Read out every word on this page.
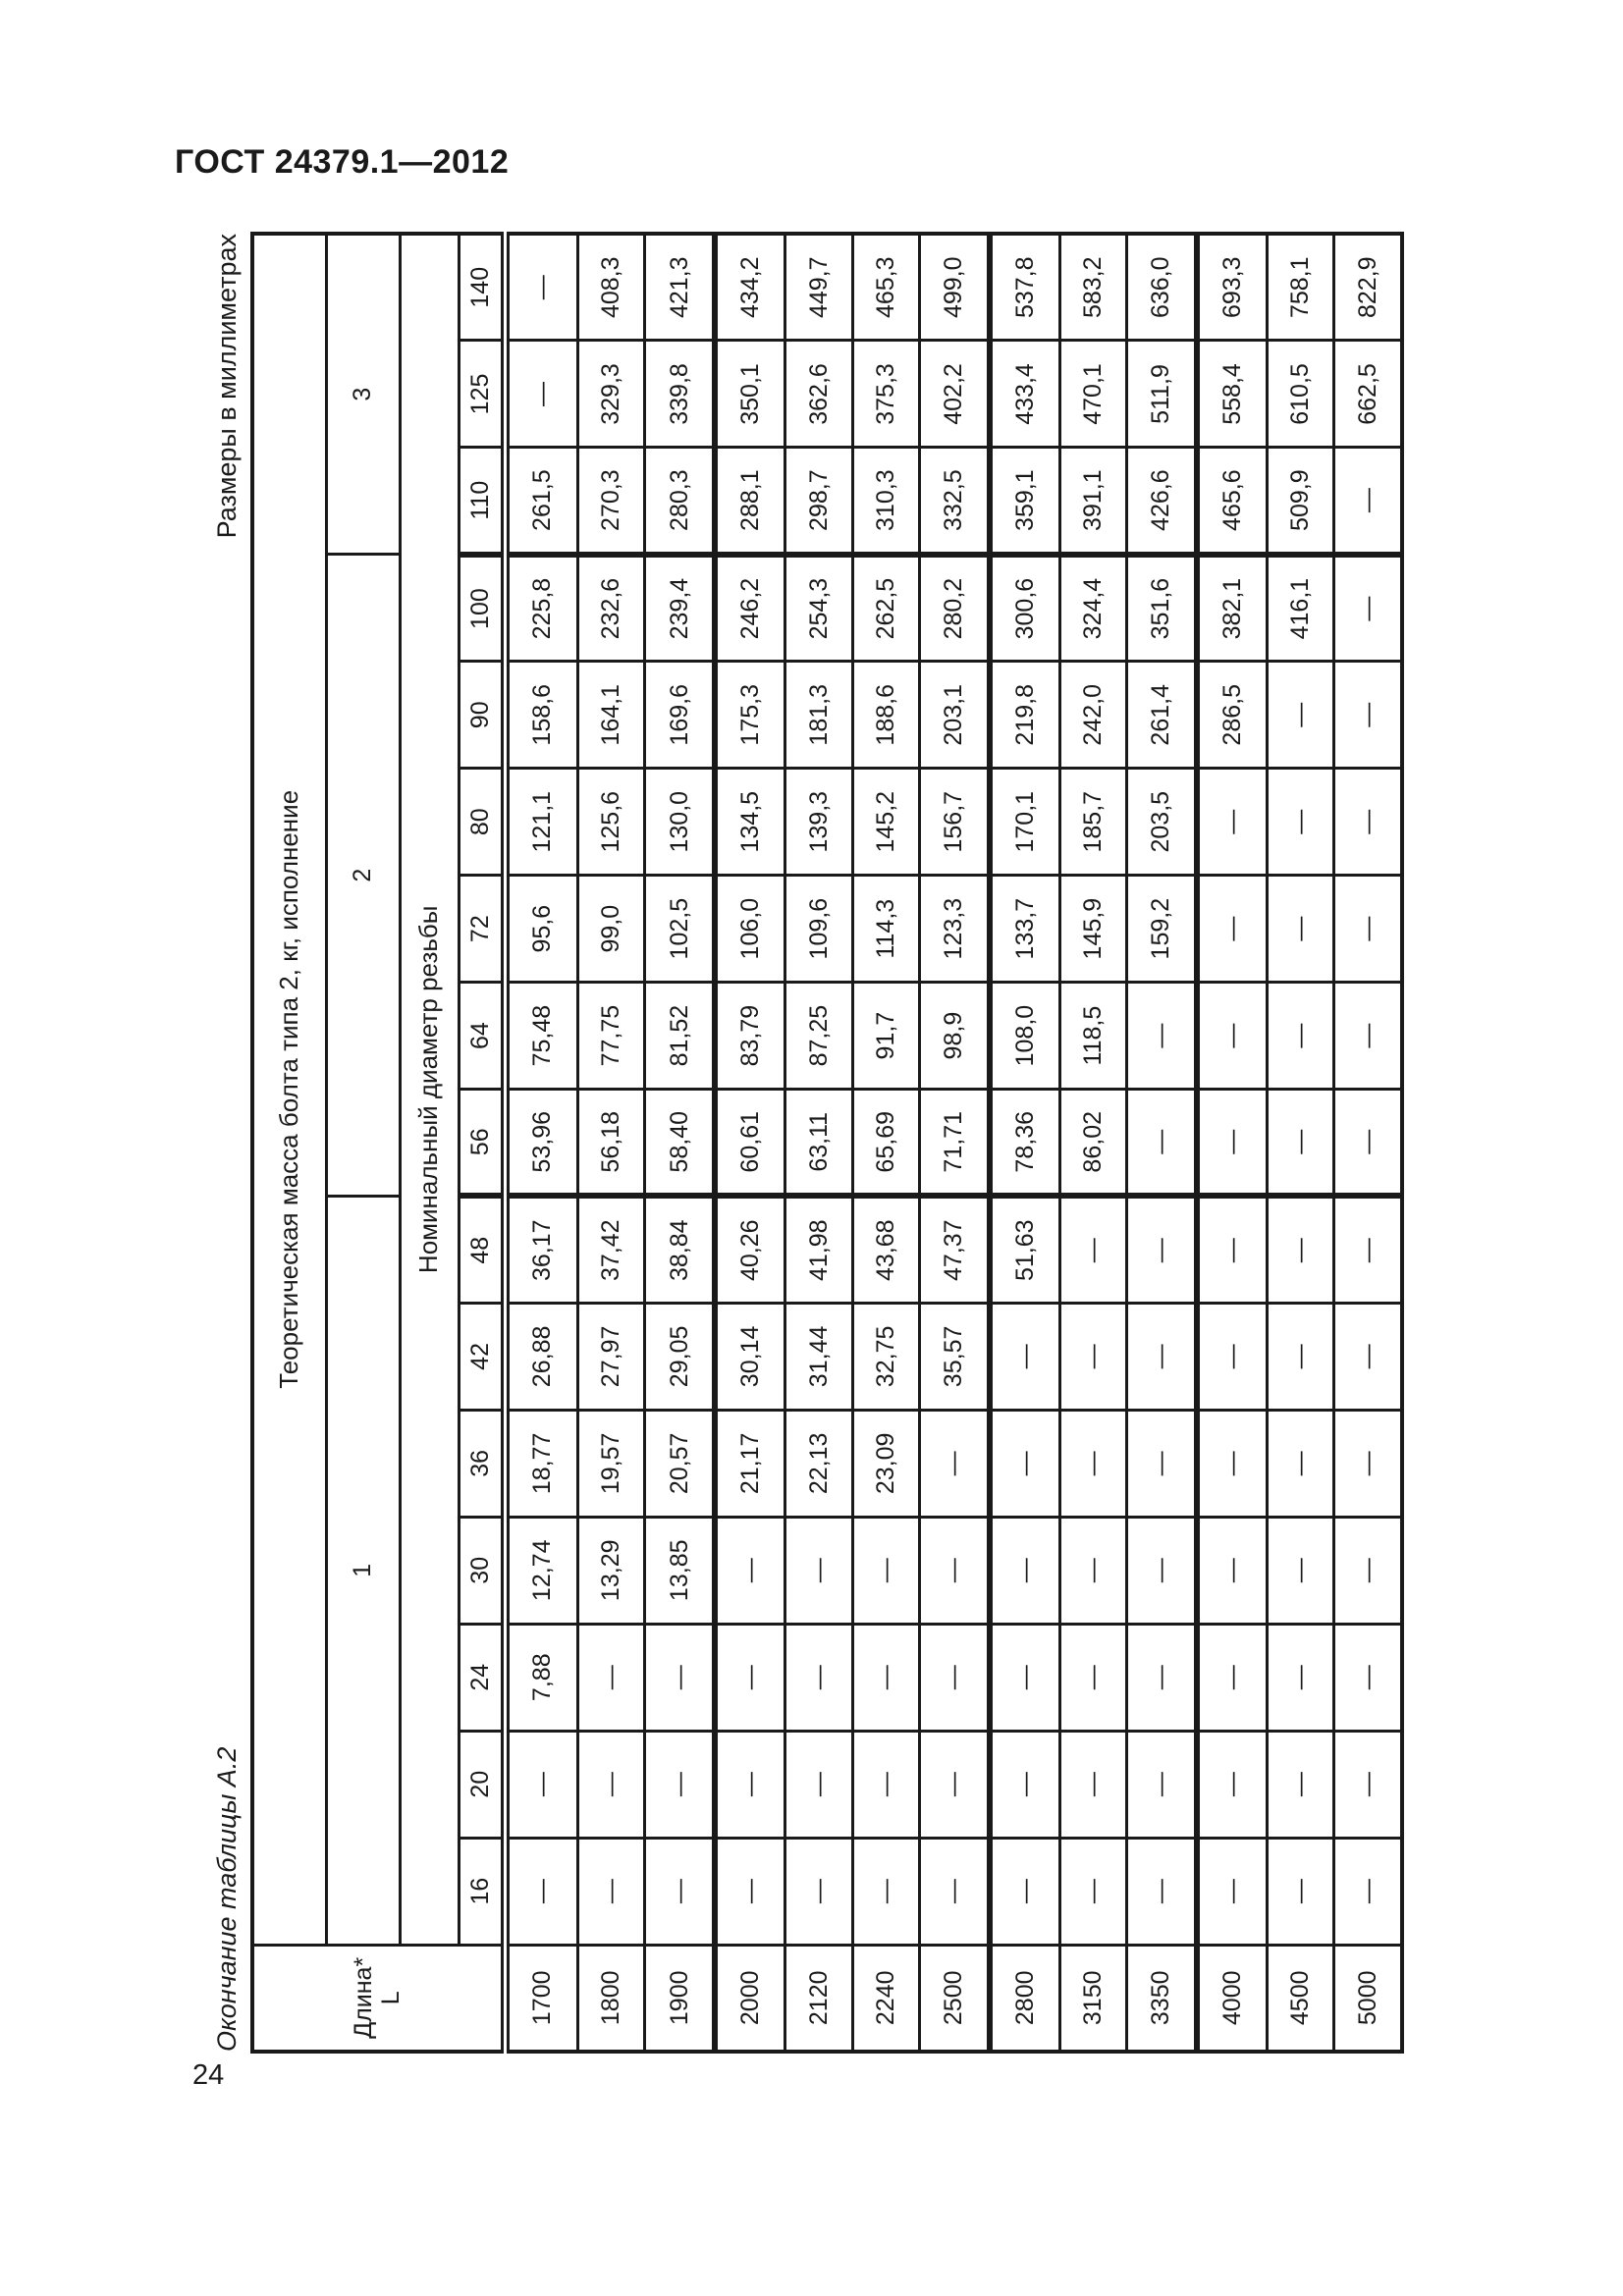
ГОСТ 24379.1—2012
Окончание таблицы А.2
Размеры в миллиметрах
Длина*
L	Теоретическая масса болта типа 2, кг, исполнение															
	1							2						3		
	Номинальный диаметр резьбы															
	16	20	24	30	36	42	48	56	64	72	80	90	100	110	125	140
1700	—	—	7,88	12,74	18,77	26,88	36,17	53,96	75,48	95,6	121,1	158,6	225,8	261,5	—	—
1800	—	—	—	13,29	19,57	27,97	37,42	56,18	77,75	99,0	125,6	164,1	232,6	270,3	329,3	408,3
1900	—	—	—	13,85	20,57	29,05	38,84	58,40	81,52	102,5	130,0	169,6	239,4	280,3	339,8	421,3
2000	—	—	—	—	21,17	30,14	40,26	60,61	83,79	106,0	134,5	175,3	246,2	288,1	350,1	434,2
2120	—	—	—	—	22,13	31,44	41,98	63,11	87,25	109,6	139,3	181,3	254,3	298,7	362,6	449,7
2240	—	—	—	—	23,09	32,75	43,68	65,69	91,7	114,3	145,2	188,6	262,5	310,3	375,3	465,3
2500	—	—	—	—	—	35,57	47,37	71,71	98,9	123,3	156,7	203,1	280,2	332,5	402,2	499,0
2800	—	—	—	—	—	—	51,63	78,36	108,0	133,7	170,1	219,8	300,6	359,1	433,4	537,8
3150	—	—	—	—	—	—	—	86,02	118,5	145,9	185,7	242,0	324,4	391,1	470,1	583,2
3350	—	—	—	—	—	—	—	—	—	159,2	203,5	261,4	351,6	426,6	511,9	636,0
4000	—	—	—	—	—	—	—	—	—	—	—	286,5	382,1	465,6	558,4	693,3
4500	—	—	—	—	—	—	—	—	—	—	—	—	416,1	509,9	610,5	758,1
5000	—	—	—	—	—	—	—	—	—	—	—	—	—	—	662,5	822,9
24
